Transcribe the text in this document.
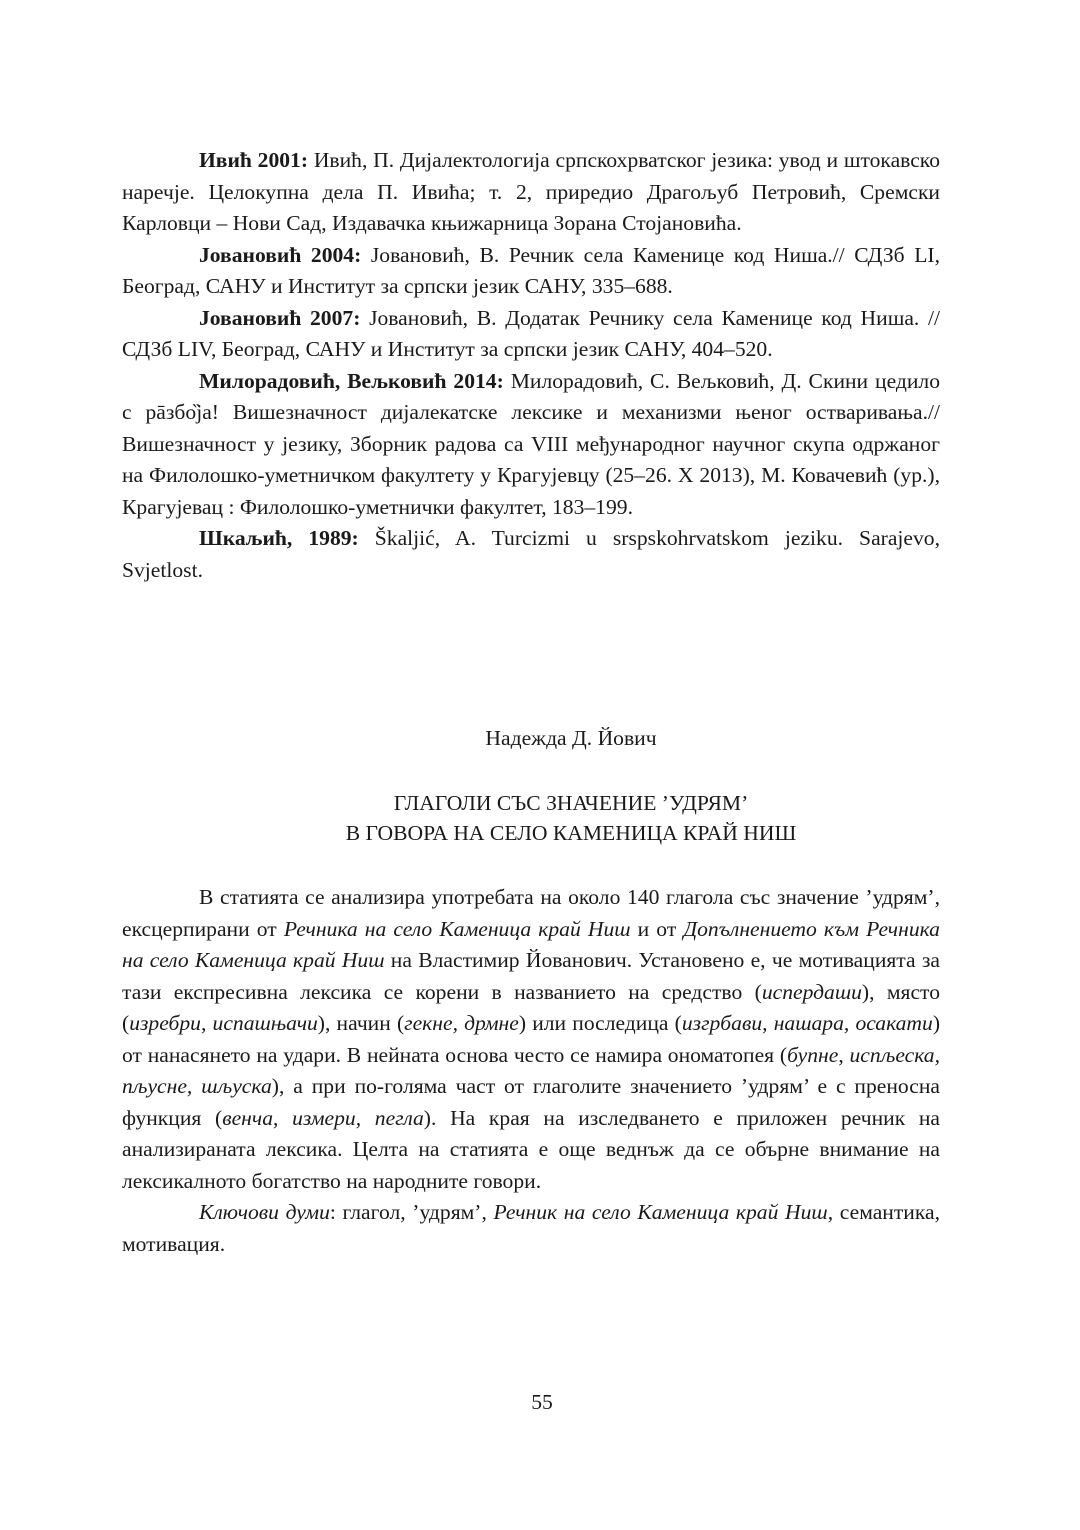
Ивић 2001: Ивић, П. Дијалектологија српскохрватског језика: увод и штокавско наречје. Целокупна дела П. Ивића; т. 2, приредио Драгољуб Петровић, Сремски Карловци – Нови Сад, Издавачка књижарница Зорана Стојановића.

Јовановић 2004: Јовановић, В. Речник села Каменице код Ниша.// СДЗб LI, Београд, САНУ и Институт за српски језик САНУ, 335–688.

Јовановић 2007: Јовановић, В. Додатак Речнику села Каменице код Ниша. // СДЗб LIV, Београд, САНУ и Институт за српски језик САНУ, 404–520.

Милорадовић, Вељковић 2014: Милорадовић, С. Вељковић, Д. Скини цедило с pāзбо̏ја! Вишезначност дијалекатске лексике и механизми њеног остваривања.// Вишезначност у језику, Зборник радова са VIII међународног научног скупа одржаног на Филолошко-уметничком факултету у Крагујевцу (25–26. X 2013), М. Ковачевић (ур.), Крагујевац : Филолошко-уметнички факултет, 183–199.

Шкаљић, 1989: Škaljić, A. Turcizmi u srspskohrvatskom jeziku. Sarajevo, Svjetlost.

Надежда Д. Йович
ГЛАГОЛИ СЪС ЗНАЧЕНИЕ ’УДРЯМ’
В ГОВОРА НА СЕЛО КАМЕНИЦА КРАЙ НИШ

В статията се анализира употребата на около 140 глагола със значение ’удрям’, ексцерпирани от Речника на село Каменица край Ниш и от Допълнението към Речника на село Каменица край Ниш на Властимир Йованович. Установено е, че мотивацията за тази експресивна лексика се корени в названието на средство (испердаши), място (изребри, испашњачи), начин (гекне, дрмне) или последица (изгрбави, нашара, осакати) от нанасянето на удари. В нейната основа често се намира ономатопея (бупне, испљеска, пљусне, шљуска), а при по-голяма част от глаголите значението ’удрям’ е с преносна функция (венча, измери, пегла). На края на изследването е приложен речник на анализираната лексика. Целта на статията е още веднъж да се обърне внимание на лексикалното богатство на народните говори.

Ключови думи: глагол, ’удрям’, Речник на село Каменица край Ниш, семантика, мотивация.

55
